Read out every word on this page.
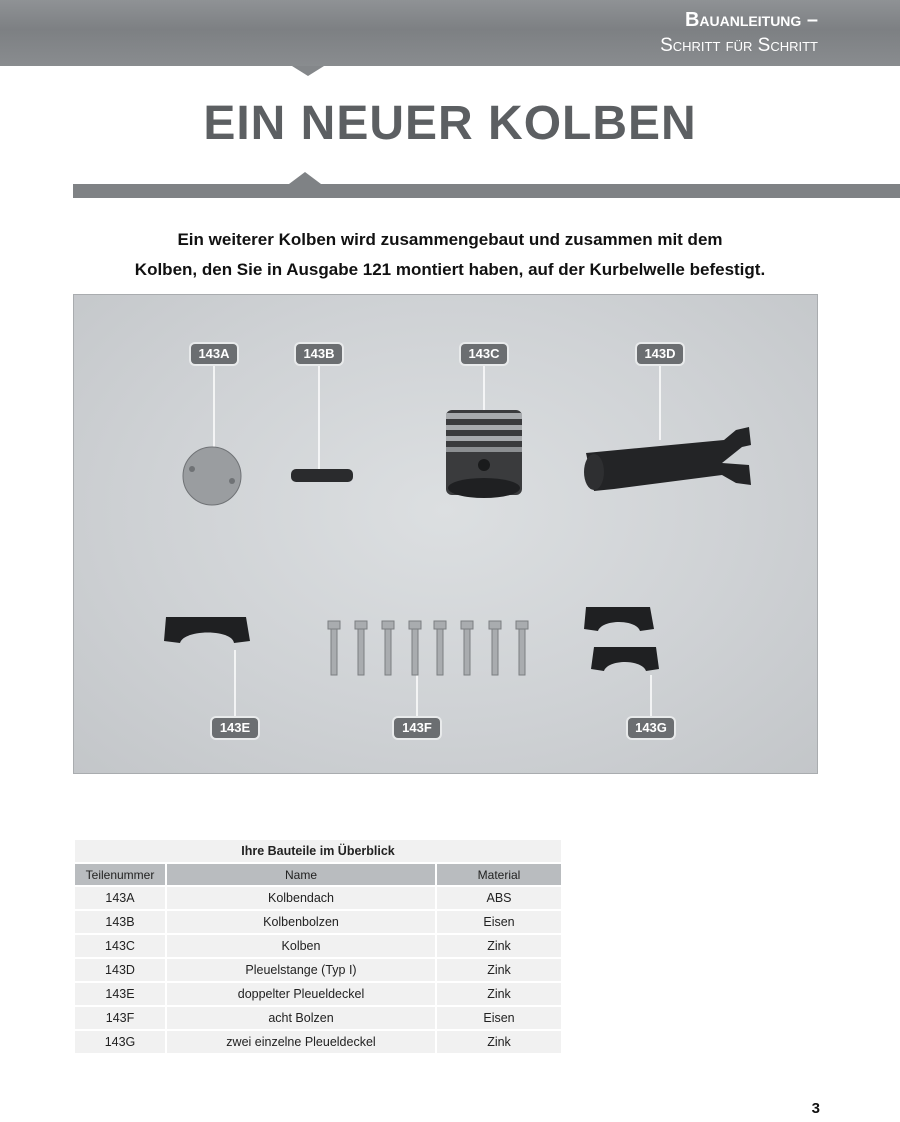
Bauanleitung –
Schritt für Schritt
EIN NEUER KOLBEN
Ein weiterer Kolben wird zusammengebaut und zusammen mit dem
Kolben, den Sie in Ausgabe 121 montiert haben, auf der Kurbelwelle befestigt.
143A	143B	143C	143D
143E	143F	143G
Ihre Bauteile im Überblick		
Teilenummer	Name	Material
143A	Kolbendach	ABS
143B	Kolbenbolzen	Eisen
143C	Kolben	Zink
143D	Pleuelstange (Typ I)	Zink
143E	doppelter Pleueldeckel	Zink
143F	acht Bolzen	Eisen
143G	zwei einzelne Pleueldeckel	Zink
3
